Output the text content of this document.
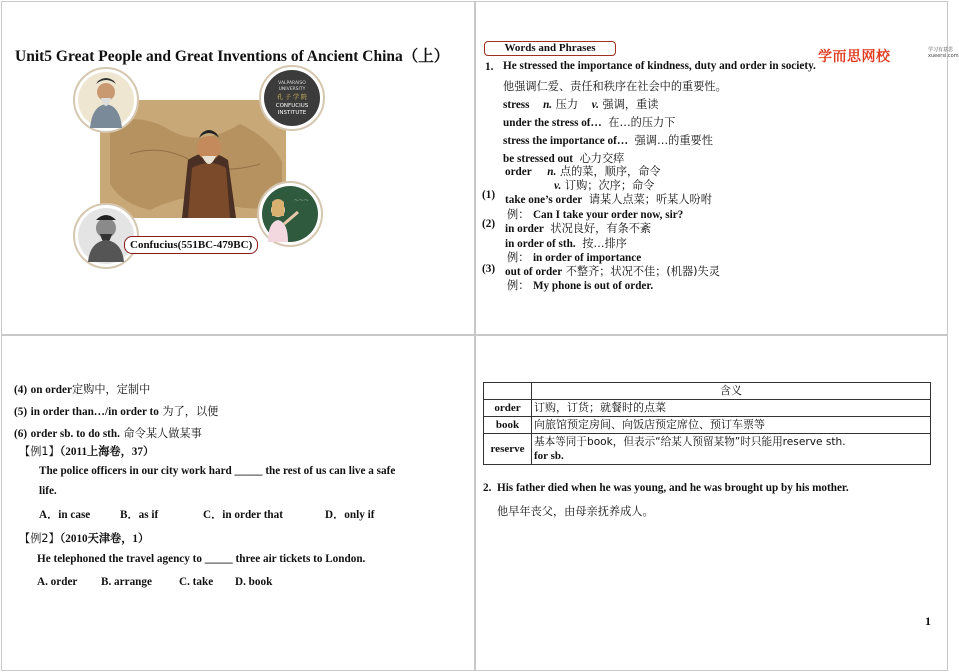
Unit5 Great People and Great Inventions of Ancient China（上）
VALPARAISO
UNIVERSITY
孔 子 学 院
CONFUCIUS
INSTITUTE
〜〜〜
Confucius(551BC-479BC)
Words and Phrases
学而思网校	学习有意思
xueersi.com
1. He stressed the importance of kindness, duty and order in society.
他强调仁爱、责任和秩序在社会中的重要性。
stress n. 压力 v. 强调，重读
under the stress of… 在…的压力下
stress the importance of… 强调…的重要性
be stressed out 心力交瘁
order n. 点的菜，顺序，命令
v. 订购；次序；命令
(1) take one’s order 请某人点菜；听某人吩咐
例： Can I take your order now, sir?
(2) in order 状况良好，有条不紊
in order of sth. 按…排序
例： in order of importance
(3) out of order 不整齐；状况不佳；(机器)失灵
例： My phone is out of order.
(4) on order定购中，定制中
(5) in order than…/in order to 为了，以便
(6) order sb. to do sth. 命令某人做某事
【例1】（2011上海卷，37）
The police officers in our city work hard _____ the rest of us can live a safe
life.
A．in case	B．as if	C．in order that	D．only if
【例2】（2010天津卷，1）
He telephoned the travel agency to _____ three air tickets to London.
A. order B. arrange C. take D. book
	含义
order	订购，订货；就餐时的点菜
book	向旅馆预定房间、向饭店预定席位、预订车票等
reserve	基本等同于book，但表示“给某人预留某物”时只能用reserve sth.
for sb.
2. His father died when he was young, and he was brought up by his mother.
他早年丧父，由母亲抚养成人。
1
